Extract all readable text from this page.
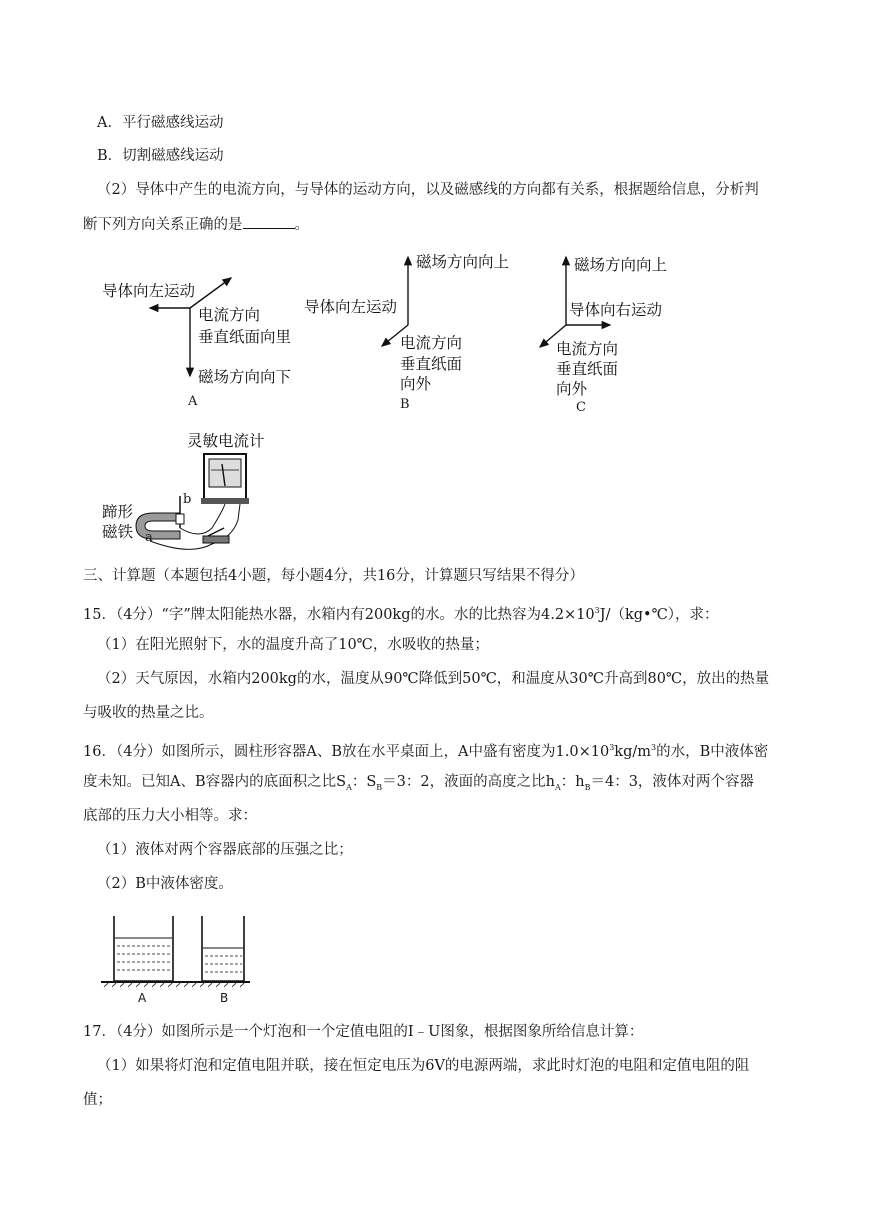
A．平行磁感线运动
B．切割磁感线运动
（2）导体中产生的电流方向，与导体的运动方向，以及磁感线的方向都有关系，根据题给信息，分析判
断下列方向关系正确的是	。
导体向左运动
电流方向
垂直纸面向里
磁场方向向下
A
磁场方向向上
导体向左运动
电流方向
垂直纸面
向外
B
磁场方向向上
导体向右运动
电流方向
垂直纸面
向外
C
灵敏电流计
b
a
蹄形
磁铁
三、计算题（本题包括4小题，每小题4分，共16分，计算题只写结果不得分）
15．（4分）“字”牌太阳能热水器，水箱内有200kg的水。水的比热容为$4.2\times 10^3J/(kg•℃)$，求：
（1）在阳光照射下，水的温度升高了10℃，水吸收的热量；
（2）天气原因，水箱内200kg的水，温度从90℃降低到50℃，和温度从30℃升高到80℃，放出的热量
与吸收的热量之比。
16．（4分）如图所示，圆柱形容器A、B放在水平桌面上，A中盛有密度为$1.0\times 10^3kg/m^3$的水，B中液体密
度未知。已知A、B容器内的底面积之比$S_A$：$S_B=3$：2，液面的高度之比$h_A$：$h_B=4$：3，液体对两个容器
底部的压力大小相等。求：
（1）液体对两个容器底部的压强之比；
（2）B中液体密度。
A	B
17．（4分）如图所示是一个灯泡和一个定值电阻的I﹣U图象，根据图象所给信息计算：
（1）如果将灯泡和定值电阻并联，接在恒定电压为6V的电源两端，求此时灯泡的电阻和定值电阻的阻
值；
